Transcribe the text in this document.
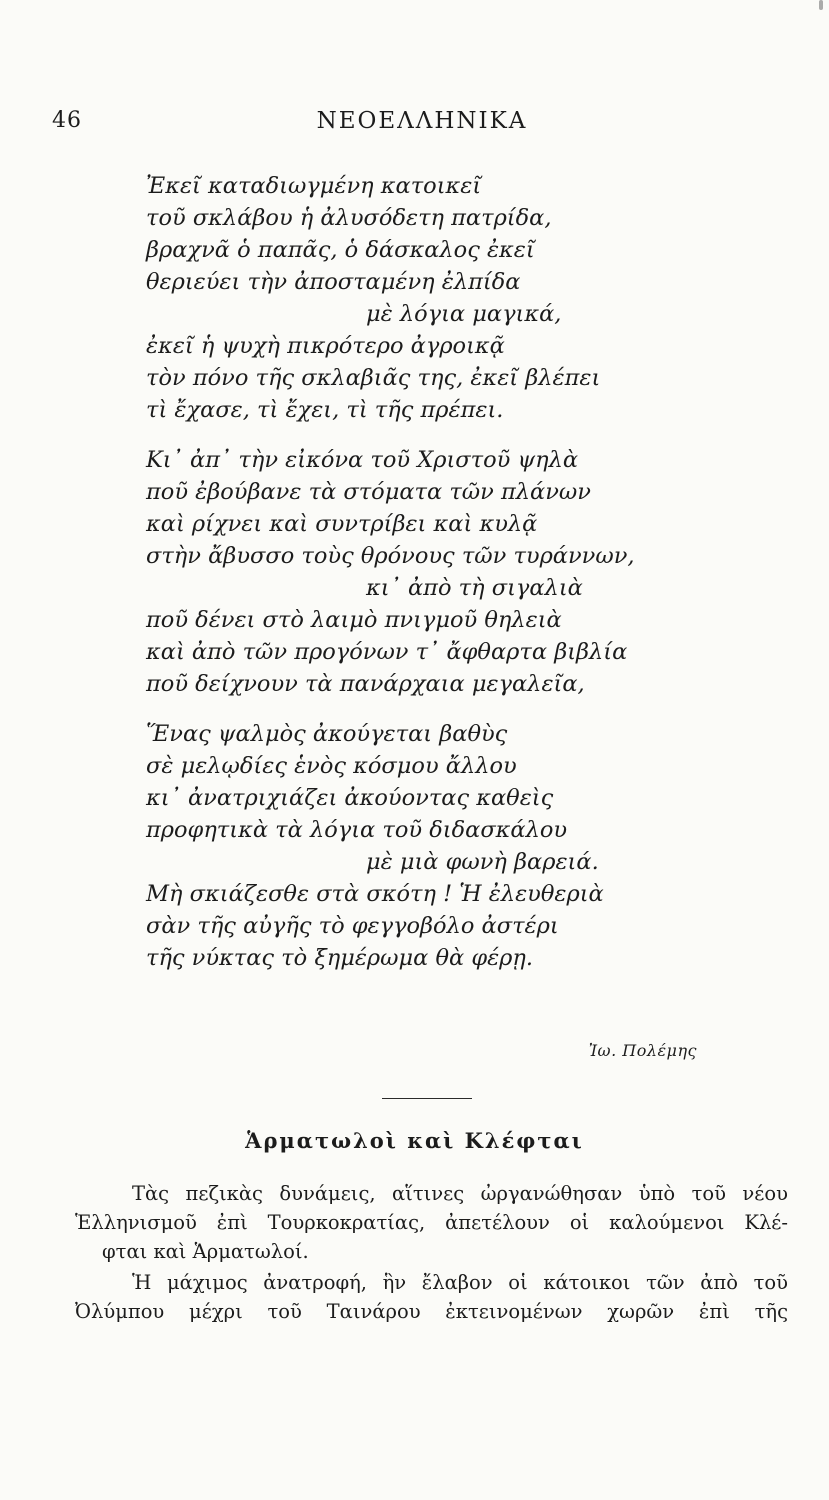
46	ΝΕΟΕΛΛΗΝΙΚΑ
Ἐκεῖ καταδιωγμένη κατοικεῖ
τοῦ σκλάβου ἡ ἀλυσόδετη πατρίδα,
βραχνᾶ ὁ παπᾶς, ὁ δάσκαλος ἐκεῖ
θεριεύει τὴν ἀποσταμένη ἐλπίδα
μὲ λόγια μαγικά,
ἐκεῖ ἡ ψυχὴ πικρότερο ἀγροικᾷ
τὸν πόνο τῆς σκλαβιᾶς της, ἐκεῖ βλέπει
τὶ ἔχασε, τὶ ἔχει, τὶ τῆς πρέπει.
Κι᾿ ἀπ᾿ τὴν εἰκόνα τοῦ Χριστοῦ ψηλὰ
ποῦ ἐβούβανε τὰ στόματα τῶν πλάνων
καὶ ρίχνει καὶ συντρίβει καὶ κυλᾷ
στὴν ἄβυσσο τοὺς θρόνους τῶν τυράννων,
κι᾿ ἀπὸ τὴ σιγαλιὰ
ποῦ δένει στὸ λαιμὸ πνιγμοῦ θηλειὰ
καὶ ἀπὸ τῶν προγόνων τ᾿ ἄφθαρτα βιβλία
ποῦ δείχνουν τὰ πανάρχαια μεγαλεῖα,
Ἕνας ψαλμὸς ἀκούγεται βαθὺς
σὲ μελῳδίες ἑνὸς κόσμου ἄλλου
κι᾿ ἀνατριχιάζει ἀκούοντας καθεὶς
προφητικὰ τὰ λόγια τοῦ διδασκάλου
μὲ μιὰ φωνὴ βαρειά.
Μὴ σκιάζεσθε στὰ σκότη ! Ἡ ἐλευθεριὰ
σὰν τῆς αὐγῆς τὸ φεγγοβόλο ἀστέρι
τῆς νύκτας τὸ ξημέρωμα θὰ φέρῃ.
Ἰω. Πολέμης
Ἁρματωλοὶ καὶ Κλέφται
Τὰς πεζικὰς δυνάμεις, αἵτινες ὠργανώθησαν ὑπὸ τοῦ νέου
Ἑλληνισμοῦ ἐπὶ Τουρκοκρατίας, ἀπετέλουν οἱ καλούμενοι Κλέ-
φται καὶ Ἁρματωλοί.
Ἡ μάχιμος ἀνατροφή, ἣν ἔλαβον οἱ κάτοικοι τῶν ἀπὸ τοῦ
Ὀλύμπου μέχρι τοῦ Ταινάρου ἐκτεινομένων χωρῶν ἐπὶ τῆς
